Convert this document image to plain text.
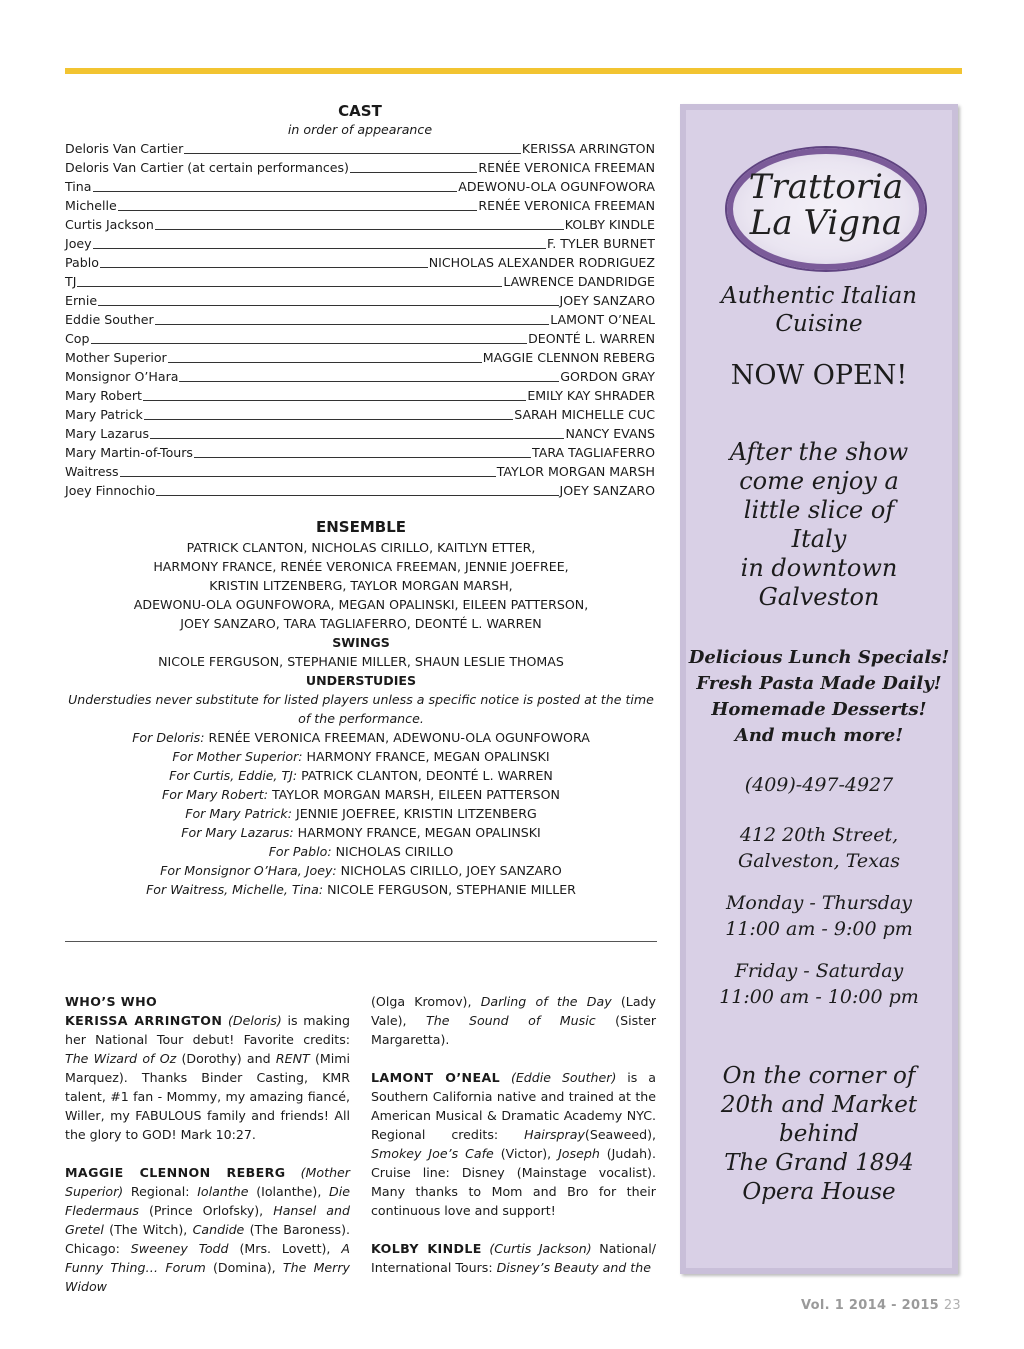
CAST
in order of appearance
Deloris Van Cartier	KERISSA ARRINGTON
Deloris Van Cartier (at certain performances)	RENÉE VERONICA FREEMAN
Tina	ADEWONU-OLA OGUNFOWORA
Michelle	RENÉE VERONICA FREEMAN
Curtis Jackson	KOLBY KINDLE
Joey	F. TYLER BURNET
Pablo	NICHOLAS ALEXANDER RODRIGUEZ
TJ	LAWRENCE DANDRIDGE
Ernie	JOEY SANZARO
Eddie Souther	LAMONT O’NEAL
Cop	DEONTÉ L. WARREN
Mother Superior	MAGGIE CLENNON REBERG
Monsignor O’Hara	GORDON GRAY
Mary Robert	EMILY KAY SHRADER
Mary Patrick	SARAH MICHELLE CUC
Mary Lazarus	NANCY EVANS
Mary Martin-of-Tours	TARA TAGLIAFERRO
Waitress	TAYLOR MORGAN MARSH
Joey Finnochio	JOEY SANZARO
ENSEMBLE
PATRICK CLANTON, NICHOLAS CIRILLO, KAITLYN ETTER,
HARMONY FRANCE, RENÉE VERONICA FREEMAN, JENNIE JOEFREE,
KRISTIN LITZENBERG, TAYLOR MORGAN MARSH,
ADEWONU-OLA OGUNFOWORA, MEGAN OPALINSKI, EILEEN PATTERSON,
JOEY SANZARO, TARA TAGLIAFERRO, DEONTÉ L. WARREN
SWINGS
NICOLE FERGUSON, STEPHANIE MILLER, SHAUN LESLIE THOMAS
UNDERSTUDIES
Understudies never substitute for listed players unless a specific notice is posted at the time of the performance.
For Deloris: RENÉE VERONICA FREEMAN, ADEWONU-OLA OGUNFOWORA
For Mother Superior: HARMONY FRANCE, MEGAN OPALINSKI
For Curtis, Eddie, TJ: PATRICK CLANTON, DEONTÉ L. WARREN
For Mary Robert: TAYLOR MORGAN MARSH, EILEEN PATTERSON
For Mary Patrick: JENNIE JOEFREE, KRISTIN LITZENBERG
For Mary Lazarus: HARMONY FRANCE, MEGAN OPALINSKI
For Pablo: NICHOLAS CIRILLO
For Monsignor O’Hara, Joey: NICHOLAS CIRILLO, JOEY SANZARO
For Waitress, Michelle, Tina: NICOLE FERGUSON, STEPHANIE MILLER
WHO’S WHO

KERISSA ARRINGTON (Deloris) is making her National Tour debut! Favorite credits: The Wizard of Oz (Dorothy) and RENT (Mimi Marquez). Thanks Binder Casting, KMR talent, #1 fan - Mommy, my amazing fiancé, Willer, my FABULOUS family and friends! All the glory to GOD! Mark 10:27.

MAGGIE CLENNON REBERG (Mother Superior) Regional: Iolanthe (Iolanthe), Die Fledermaus (Prince Orlofsky), Hansel and Gretel (The Witch), Candide (The Baroness). Chicago: Sweeney Todd (Mrs. Lovett), A Funny Thing… Forum (Domina), The Merry Widow

(Olga Kromov), Darling of the Day (Lady Vale), The Sound of Music (Sister Margaretta).

LAMONT O’NEAL (Eddie Souther) is a Southern California native and trained at the American Musical & Dramatic Academy NYC. Regional credits: Hairspray(Seaweed), Smokey Joe’s Cafe (Victor), Joseph (Judah). Cruise line: Disney (Mainstage vocalist). Many thanks to Mom and Bro for their continuous love and support!

KOLBY KINDLE (Curtis Jackson) National/ International Tours: Disney’s Beauty and the

Trattoria
La Vigna
Authentic Italian
Cuisine
NOW OPEN!
After the show
come enjoy a
little slice of
Italy
in downtown
Galveston
Delicious Lunch Specials!
Fresh Pasta Made Daily!
Homemade Desserts!
And much more!
(409)-497-4927
412 20th Street,
Galveston, Texas
Monday - Thursday
11:00 am - 9:00 pm
Friday - Saturday
11:00 am - 10:00 pm
On the corner of
20th and Market
behind
The Grand 1894
Opera House
Vol. 1 2014 - 2015 23
